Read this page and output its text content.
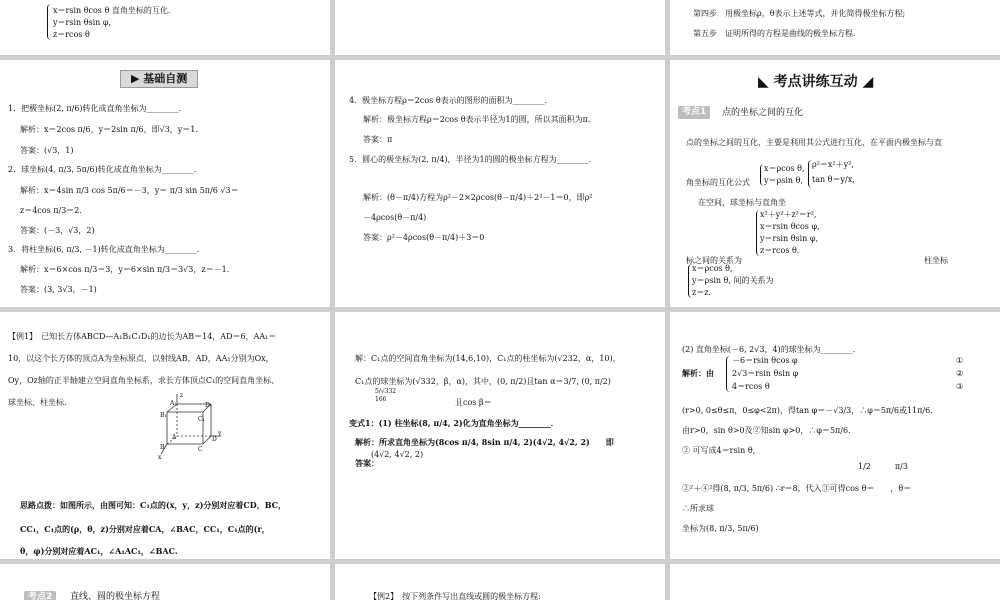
x＝rsin θcos θ 直角坐标的互化.
y＝rsin θsin φ,
z＝rcos θ
第四步　用极坐标ρ，θ表示上述等式，并化简得极坐标方程;
第五步　证明所得的方程是曲线的极坐标方程.
▶ 基础自测
1．把极坐标(2, π/6)转化成直角坐标为________．
解析：x＝2cos π/6，y＝2sin π/6，即√3，y＝1.
答案：(√3，1)
2．球坐标(4, π/3, 5π/6)转化成直角坐标为________．
解析：x＝4sin π/3 cos 5π/6＝－3，y＝ π/3 sin 5π/6 √3＝
z＝4cos π/3＝2.
答案：(－3，√3，2)
3．将柱坐标(6, π/3, －1)转化成直角坐标为________．
解析：x＝6×cos π/3＝3，y＝6×sin π/3＝3√3，z＝－1.
答案：(3, 3√3，－1)
4．极坐标方程ρ＝2cos θ表示的图形的面积为________．
解析：极坐标方程ρ＝2cos θ表示半径为1的圆，所以其面积为π.
答案：π
5．圆心的极坐标为(2, π/4)，半径为1的圆的极坐标方程为________．
解析：(θ－π/4)方程为ρ²－2×2ρcos(θ－π/4)＋2²－1＝0，即ρ²
－4ρcos(θ－π/4)
答案：ρ²－4ρcos(θ－π/4)＋3＝0
◣ 考点讲练互动 ◢
考点1	点的坐标之间的互化
点的坐标之间的互化，主要是利用其公式进行互化，在平面内极坐标与直
角坐标的互化公式
x＝ρcos θ,
y＝ρsin θ,
ρ²＝x²＋y²,
tan θ＝y/x,
在空间，球坐标与直角坐
x²＋y²＋z²＝r²,
x＝rsin θcos φ,
y＝rsin θsin φ,
z＝rcos θ.
标之间的关系为	柱坐标
x＝ρcos θ,
y＝ρsin θ, 间的关系为
z＝z.
【例1】　已知长方体ABCD—A₁B₁C₁D₁的边长为AB＝14，AD＝6，AA₁＝
10，以这个长方体的顶点A为坐标原点，以射线AB，AD，AA₁分别为Ox，
Oy，Oz轴的正半轴建立空间直角坐标系，求长方体顶点C₁的空间直角坐标、
球坐标、柱坐标.
z
A₁	D₁
B₁
C₁
A	D
B	C
x
y
思路点拨：如图所示，由图可知：C₁点的(x，y，z)分别对应着CD，BC，
CC₁，C₁点的(ρ，θ，z)分别对应着CA，∠BAC，CC₁，C₁点的(r，
θ，φ)分别对应着AC₁，∠A₁AC₁，∠BAC.
解：C₁点的空间直角坐标为(14,6,10)，C₁点的柱坐标为(√232，α，10)，
C₁点的球坐标为(√332，β，α)，其中，(0, π/2)且tan α＝3/7, (0, π/2)
5/√332
166	且cos β＝
变式1：(1) 柱坐标(8, π/4, 2)化为直角坐标为________．
解析：所求直角坐标为(8cos π/4, 8sin π/4, 2)(4√2, 4√2, 2)　　即
(4√2, 4√2, 2)
答案：
(2) 直角坐标(－6, 2√3，4)的球坐标为________．
解析：由
－6＝rsin θcos φ
2√3＝rsin θsin φ
4＝rcos θ
①
②
③
(r>0, 0≤θ≤π，0≤φ<2π)，得tan φ＝－√3/3，∴φ＝5π/6或11π/6.
由r>0，sin θ>0及②知sin φ>0，∴φ＝5π/6.
② 可写成4＝rsin θ,
1/2　　　π/3
②²＋④²得(8, π/3, 5π/6) ∴r＝8，代入③可得cos θ＝　　，θ＝
∴所求球
坐标为(8, π/3, 5π/6)
考点2	直线、圆的极坐标方程	【例2】　按下列条件写出直线或圆的极坐标方程:
